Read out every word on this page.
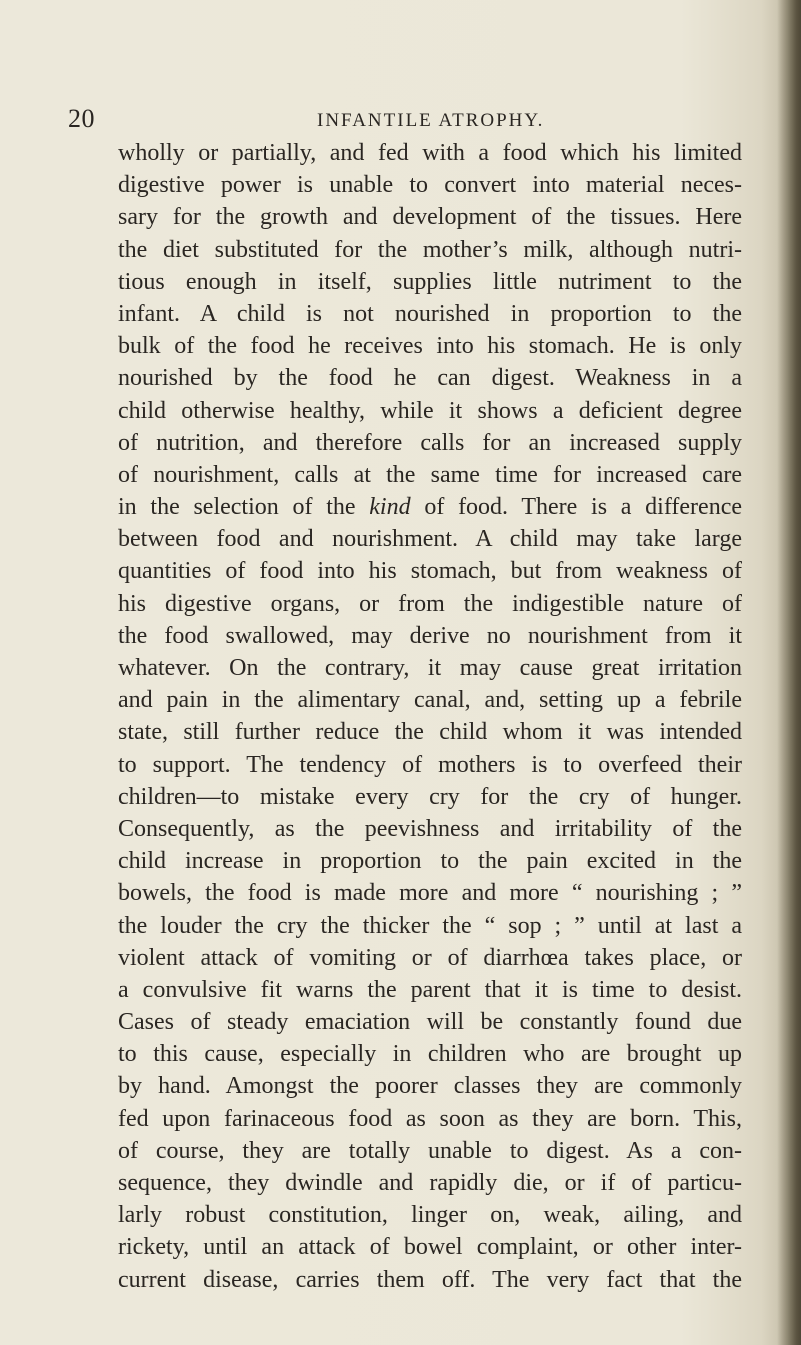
20	INFANTILE ATROPHY.
wholly or partially, and fed with a food which his limited
digestive power is unable to convert into material neces-
sary for the growth and development of the tissues. Here
the diet substituted for the mother’s milk, although nutri-
tious enough in itself, supplies little nutriment to the
infant. A child is not nourished in proportion to the
bulk of the food he receives into his stomach. He is only
nourished by the food he can digest. Weakness in a
child otherwise healthy, while it shows a deficient degree
of nutrition, and therefore calls for an increased supply
of nourishment, calls at the same time for increased care
in the selection of the kind of food. There is a difference
between food and nourishment. A child may take large
quantities of food into his stomach, but from weakness of
his digestive organs, or from the indigestible nature of
the food swallowed, may derive no nourishment from it
whatever. On the contrary, it may cause great irritation
and pain in the alimentary canal, and, setting up a febrile
state, still further reduce the child whom it was intended
to support. The tendency of mothers is to overfeed their
children—to mistake every cry for the cry of hunger.
Consequently, as the peevishness and irritability of the
child increase in proportion to the pain excited in the
bowels, the food is made more and more “ nourishing ; ”
the louder the cry the thicker the “ sop ; ” until at last a
violent attack of vomiting or of diarrhœa takes place, or
a convulsive fit warns the parent that it is time to desist.
Cases of steady emaciation will be constantly found due
to this cause, especially in children who are brought up
by hand. Amongst the poorer classes they are commonly
fed upon farinaceous food as soon as they are born. This,
of course, they are totally unable to digest. As a con-
sequence, they dwindle and rapidly die, or if of particu-
larly robust constitution, linger on, weak, ailing, and
rickety, until an attack of bowel complaint, or other inter-
current disease, carries them off. The very fact that the
